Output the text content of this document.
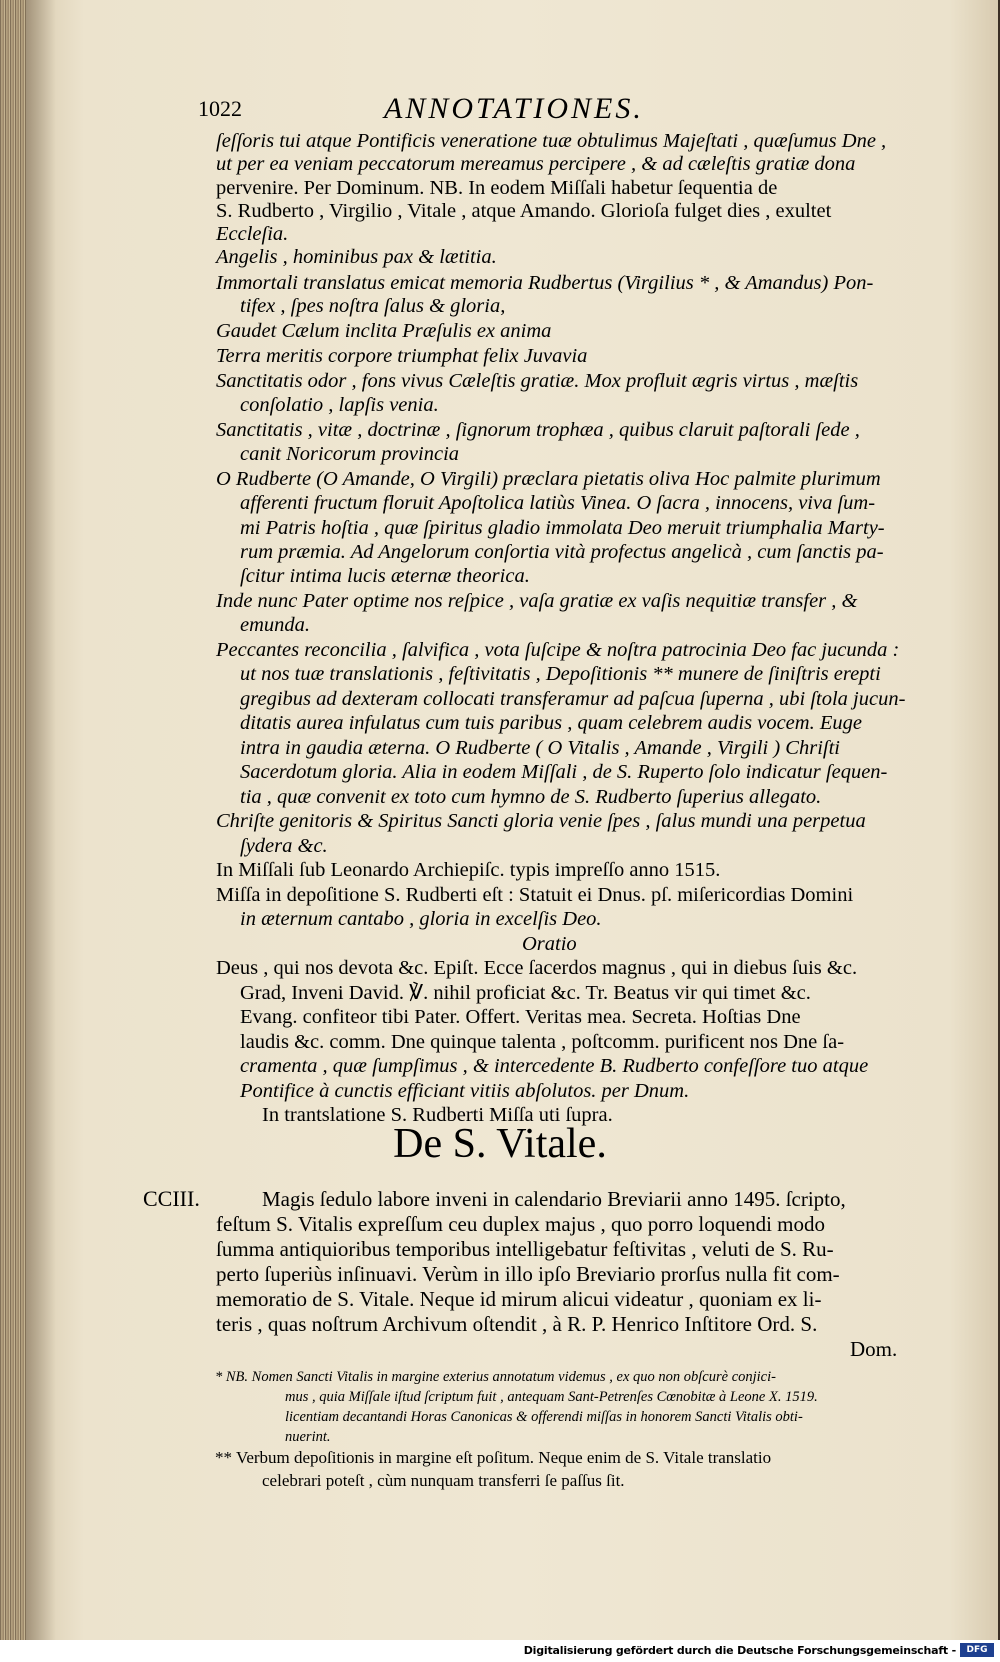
1022	ANNOTATIONES.
ſeſſoris tui atque Pontificis veneratione tuæ obtulimus Majeſtati , quæſumus Dne ,
ut per ea veniam peccatorum mereamus percipere , & ad cæleſtis gratiæ dona
pervenire. Per Dominum. NB. In eodem Miſſali habetur ſequentia de
S. Rudberto , Virgilio , Vitale , atque Amando. Glorioſa fulget dies , exultet
Eccleſia.
Angelis , hominibus pax & lætitia.
Immortali translatus emicat memoria Rudbertus (Virgilius * , & Amandus) Pon-
tifex , ſpes noſtra ſalus & gloria,
Gaudet Cælum inclita Præſulis ex anima
Terra meritis corpore triumphat felix Juvavia
Sanctitatis odor , fons vivus Cæleſtis gratiæ. Mox profluit ægris virtus , mæſtis
conſolatio , lapſis venia.
Sanctitatis , vitæ , doctrinæ , ſignorum trophæa , quibus claruit paſtorali ſede ,
canit Noricorum provincia
O Rudberte (O Amande, O Virgili) præclara pietatis oliva Hoc palmite plurimum
afferenti fructum floruit Apoſtolica latiùs Vinea. O ſacra , innocens, viva ſum-
mi Patris hoſtia , quæ ſpiritus gladio immolata Deo meruit triumphalia Marty-
rum præmia. Ad Angelorum conſortia vità profectus angelicà , cum ſanctis pa-
ſcitur intima lucis æternæ theorica.
Inde nunc Pater optime nos reſpice , vaſa gratiæ ex vaſis nequitiæ transfer , &
emunda.
Peccantes reconcilia , ſalvifica , vota ſuſcipe & noſtra patrocinia Deo fac jucunda :
ut nos tuæ translationis , feſtivitatis , Depoſitionis ** munere de ſiniſtris erepti
gregibus ad dexteram collocati transferamur ad paſcua ſuperna , ubi ſtola jucun-
ditatis aurea infulatus cum tuis paribus , quam celebrem audis vocem. Euge
intra in gaudia æterna. O Rudberte ( O Vitalis , Amande , Virgili ) Chriſti
Sacerdotum gloria. Alia in eodem Miſſali , de S. Ruperto ſolo indicatur ſequen-
tia , quæ convenit ex toto cum hymno de S. Rudberto ſuperius allegato.
Chriſte genitoris & Spiritus Sancti gloria venie ſpes , ſalus mundi una perpetua
ſydera &c.
In Miſſali ſub Leonardo Archiepiſc. typis impreſſo anno 1515.
Miſſa in depoſitione S. Rudberti eſt : Statuit ei Dnus. pſ. miſericordias Domini
in æternum cantabo , gloria in excelſis Deo.
Oratio
Deus , qui nos devota &c. Epiſt. Ecce ſacerdos magnus , qui in diebus ſuis &c.
Grad, Inveni David. ℣. nihil proficiat &c. Tr. Beatus vir qui timet &c.
Evang. confiteor tibi Pater. Offert. Veritas mea. Secreta. Hoſtias Dne
laudis &c. comm. Dne quinque talenta , poſtcomm. purificent nos Dne ſa-
cramenta , quæ ſumpſimus , & intercedente B. Rudberto confeſſore tuo atque
Pontifice à cunctis efficiant vitiis abſolutos. per Dnum.
In trantslatione S. Rudberti Miſſa uti ſupra.
De S. Vitale.
CCIII.	Magis ſedulo labore inveni in calendario Breviarii anno 1495. ſcripto,
feſtum S. Vitalis expreſſum ceu duplex majus , quo porro loquendi modo
ſumma antiquioribus temporibus intelligebatur feſtivitas , veluti de S. Ru-
perto ſuperiùs inſinuavi. Verùm in illo ipſo Breviario prorſus nulla fit com-
memoratio de S. Vitale. Neque id mirum alicui videatur , quoniam ex li-
teris , quas noſtrum Archivum oſtendit , à R. P. Henrico Inſtitore Ord. S.
Dom.
* NB. Nomen Sancti Vitalis in margine exterius annotatum videmus , ex quo non obſcurè conjici-
mus , quia Miſſale iſtud ſcriptum fuit , antequam Sant-Petrenſes Cœnobitæ à Leone X. 1519.
licentiam decantandi Horas Canonicas & offerendi miſſas in honorem Sancti Vitalis obti-
nuerint.
** Verbum depoſitionis in margine eſt poſitum. Neque enim de S. Vitale translatio
celebrari poteſt , cùm nunquam transferri ſe paſſus ſit.
Digitalisierung gefördert durch die Deutsche Forschungsgemeinschaft -	DFG
